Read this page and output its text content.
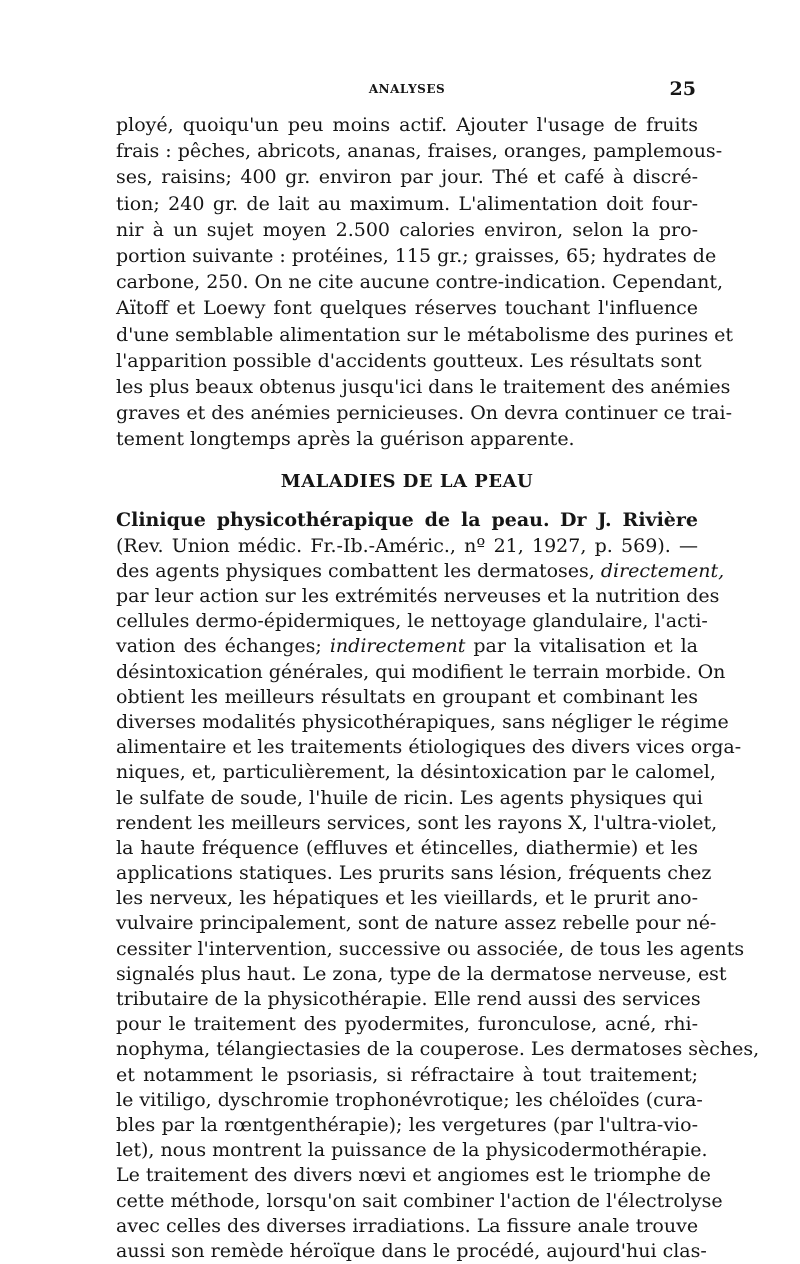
ANALYSES	25
ployé, quoiqu'un peu moins actif. Ajouter l'usage de fruits
frais : pêches, abricots, ananas, fraises, oranges, pamplemous-
ses, raisins; 400 gr. environ par jour. Thé et café à discré-
tion; 240 gr. de lait au maximum. L'alimentation doit four-
nir à un sujet moyen 2.500 calories environ, selon la pro-
portion suivante : protéines, 115 gr.; graisses, 65; hydrates de
carbone, 250. On ne cite aucune contre-indication. Cependant,
Aïtoff et Loewy font quelques réserves touchant l'influence
d'une semblable alimentation sur le métabolisme des purines et
l'apparition possible d'accidents goutteux. Les résultats sont
les plus beaux obtenus jusqu'ici dans le traitement des anémies
graves et des anémies pernicieuses. On devra continuer ce trai-
tement longtemps après la guérison apparente.
MALADIES DE LA PEAU
Clinique physicothérapique de la peau. Dr J. Rivière
(Rev. Union médic. Fr.-Ib.-Améric., nº 21, 1927, p. 569). —
des agents physiques combattent les dermatoses, directement,
par leur action sur les extrémités nerveuses et la nutrition des
cellules dermo-épidermiques, le nettoyage glandulaire, l'acti-
vation des échanges; indirectement par la vitalisation et la
désintoxication générales, qui modifient le terrain morbide. On
obtient les meilleurs résultats en groupant et combinant les
diverses modalités physicothérapiques, sans négliger le régime
alimentaire et les traitements étiologiques des divers vices orga-
niques, et, particulièrement, la désintoxication par le calomel,
le sulfate de soude, l'huile de ricin. Les agents physiques qui
rendent les meilleurs services, sont les rayons X, l'ultra-violet,
la haute fréquence (effluves et étincelles, diathermie) et les
applications statiques. Les prurits sans lésion, fréquents chez
les nerveux, les hépatiques et les vieillards, et le prurit ano-
vulvaire principalement, sont de nature assez rebelle pour né-
cessiter l'intervention, successive ou associée, de tous les agents
signalés plus haut. Le zona, type de la dermatose nerveuse, est
tributaire de la physicothérapie. Elle rend aussi des services
pour le traitement des pyodermites, furonculose, acné, rhi-
nophyma, télangiectasies de la couperose. Les dermatoses sèches,
et notamment le psoriasis, si réfractaire à tout traitement;
le vitiligo, dyschromie trophonévrotique; les chéloïdes (cura-
bles par la rœntgenthérapie); les vergetures (par l'ultra-vio-
let), nous montrent la puissance de la physicodermothérapie.
Le traitement des divers nœvi et angiomes est le triomphe de
cette méthode, lorsqu'on sait combiner l'action de l'électrolyse
avec celles des diverses irradiations. La fissure anale trouve
aussi son remède héroïque dans le procédé, aujourd'hui clas-
